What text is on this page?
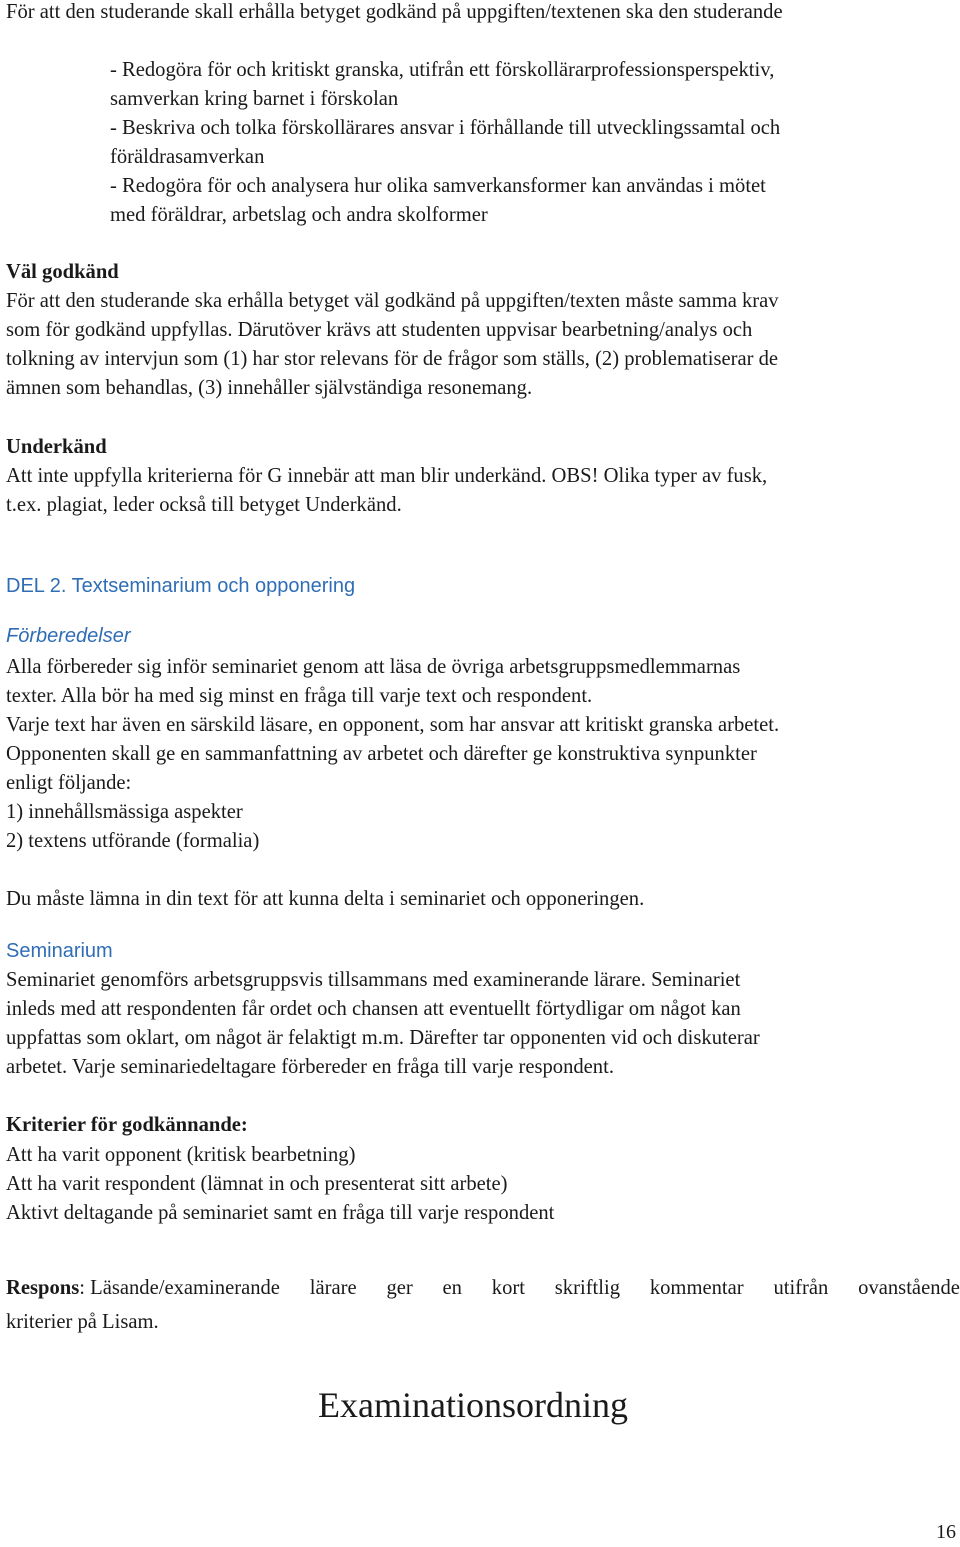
För att den studerande skall erhålla betyget godkänd på uppgiften/textenen ska den studerande
- Redogöra för och kritiskt granska, utifrån ett förskollärarprofessionsperspektiv,
samverkan kring barnet i förskolan
- Beskriva och tolka förskollärares ansvar i förhållande till utvecklingssamtal och
föräldrasamverkan
- Redogöra för och analysera hur olika samverkansformer kan användas i mötet
med föräldrar, arbetslag och andra skolformer
Väl godkänd
För att den studerande ska erhålla betyget väl godkänd på uppgiften/texten måste samma krav
som för godkänd uppfyllas. Därutöver krävs att studenten uppvisar bearbetning/analys och
tolkning av intervjun som (1) har stor relevans för de frågor som ställs, (2) problematiserar de
ämnen som behandlas, (3) innehåller självständiga resonemang.
Underkänd
Att inte uppfylla kriterierna för G innebär att man blir underkänd. OBS! Olika typer av fusk,
t.ex. plagiat, leder också till betyget Underkänd.
DEL 2. Textseminarium och opponering
Förberedelser
Alla förbereder sig inför seminariet genom att läsa de övriga arbetsgruppsmedlemmarnas
texter. Alla bör ha med sig minst en fråga till varje text och respondent.
Varje text har även en särskild läsare, en opponent, som har ansvar att kritiskt granska arbetet.
Opponenten skall ge en sammanfattning av arbetet och därefter ge konstruktiva synpunkter
enligt följande:
1) innehållsmässiga aspekter
2) textens utförande (formalia)
Du måste lämna in din text för att kunna delta i seminariet och opponeringen.
Seminarium
Seminariet genomförs arbetsgruppsvis tillsammans med examinerande lärare. Seminariet
inleds med att respondenten får ordet och chansen att eventuellt förtydligar om något kan
uppfattas som oklart, om något är felaktigt m.m. Därefter tar opponenten vid och diskuterar
arbetet. Varje seminariedeltagare förbereder en fråga till varje respondent.
Kriterier för godkännande:
Att ha varit opponent (kritisk bearbetning)
Att ha varit respondent (lämnat in och presenterat sitt arbete)
Aktivt deltagande på seminariet samt en fråga till varje respondent
Respons: Läsande/examinerande lärare ger en kort skriftlig kommentar utifrån ovanstående
kriterier på Lisam.
Examinationsordning
16
